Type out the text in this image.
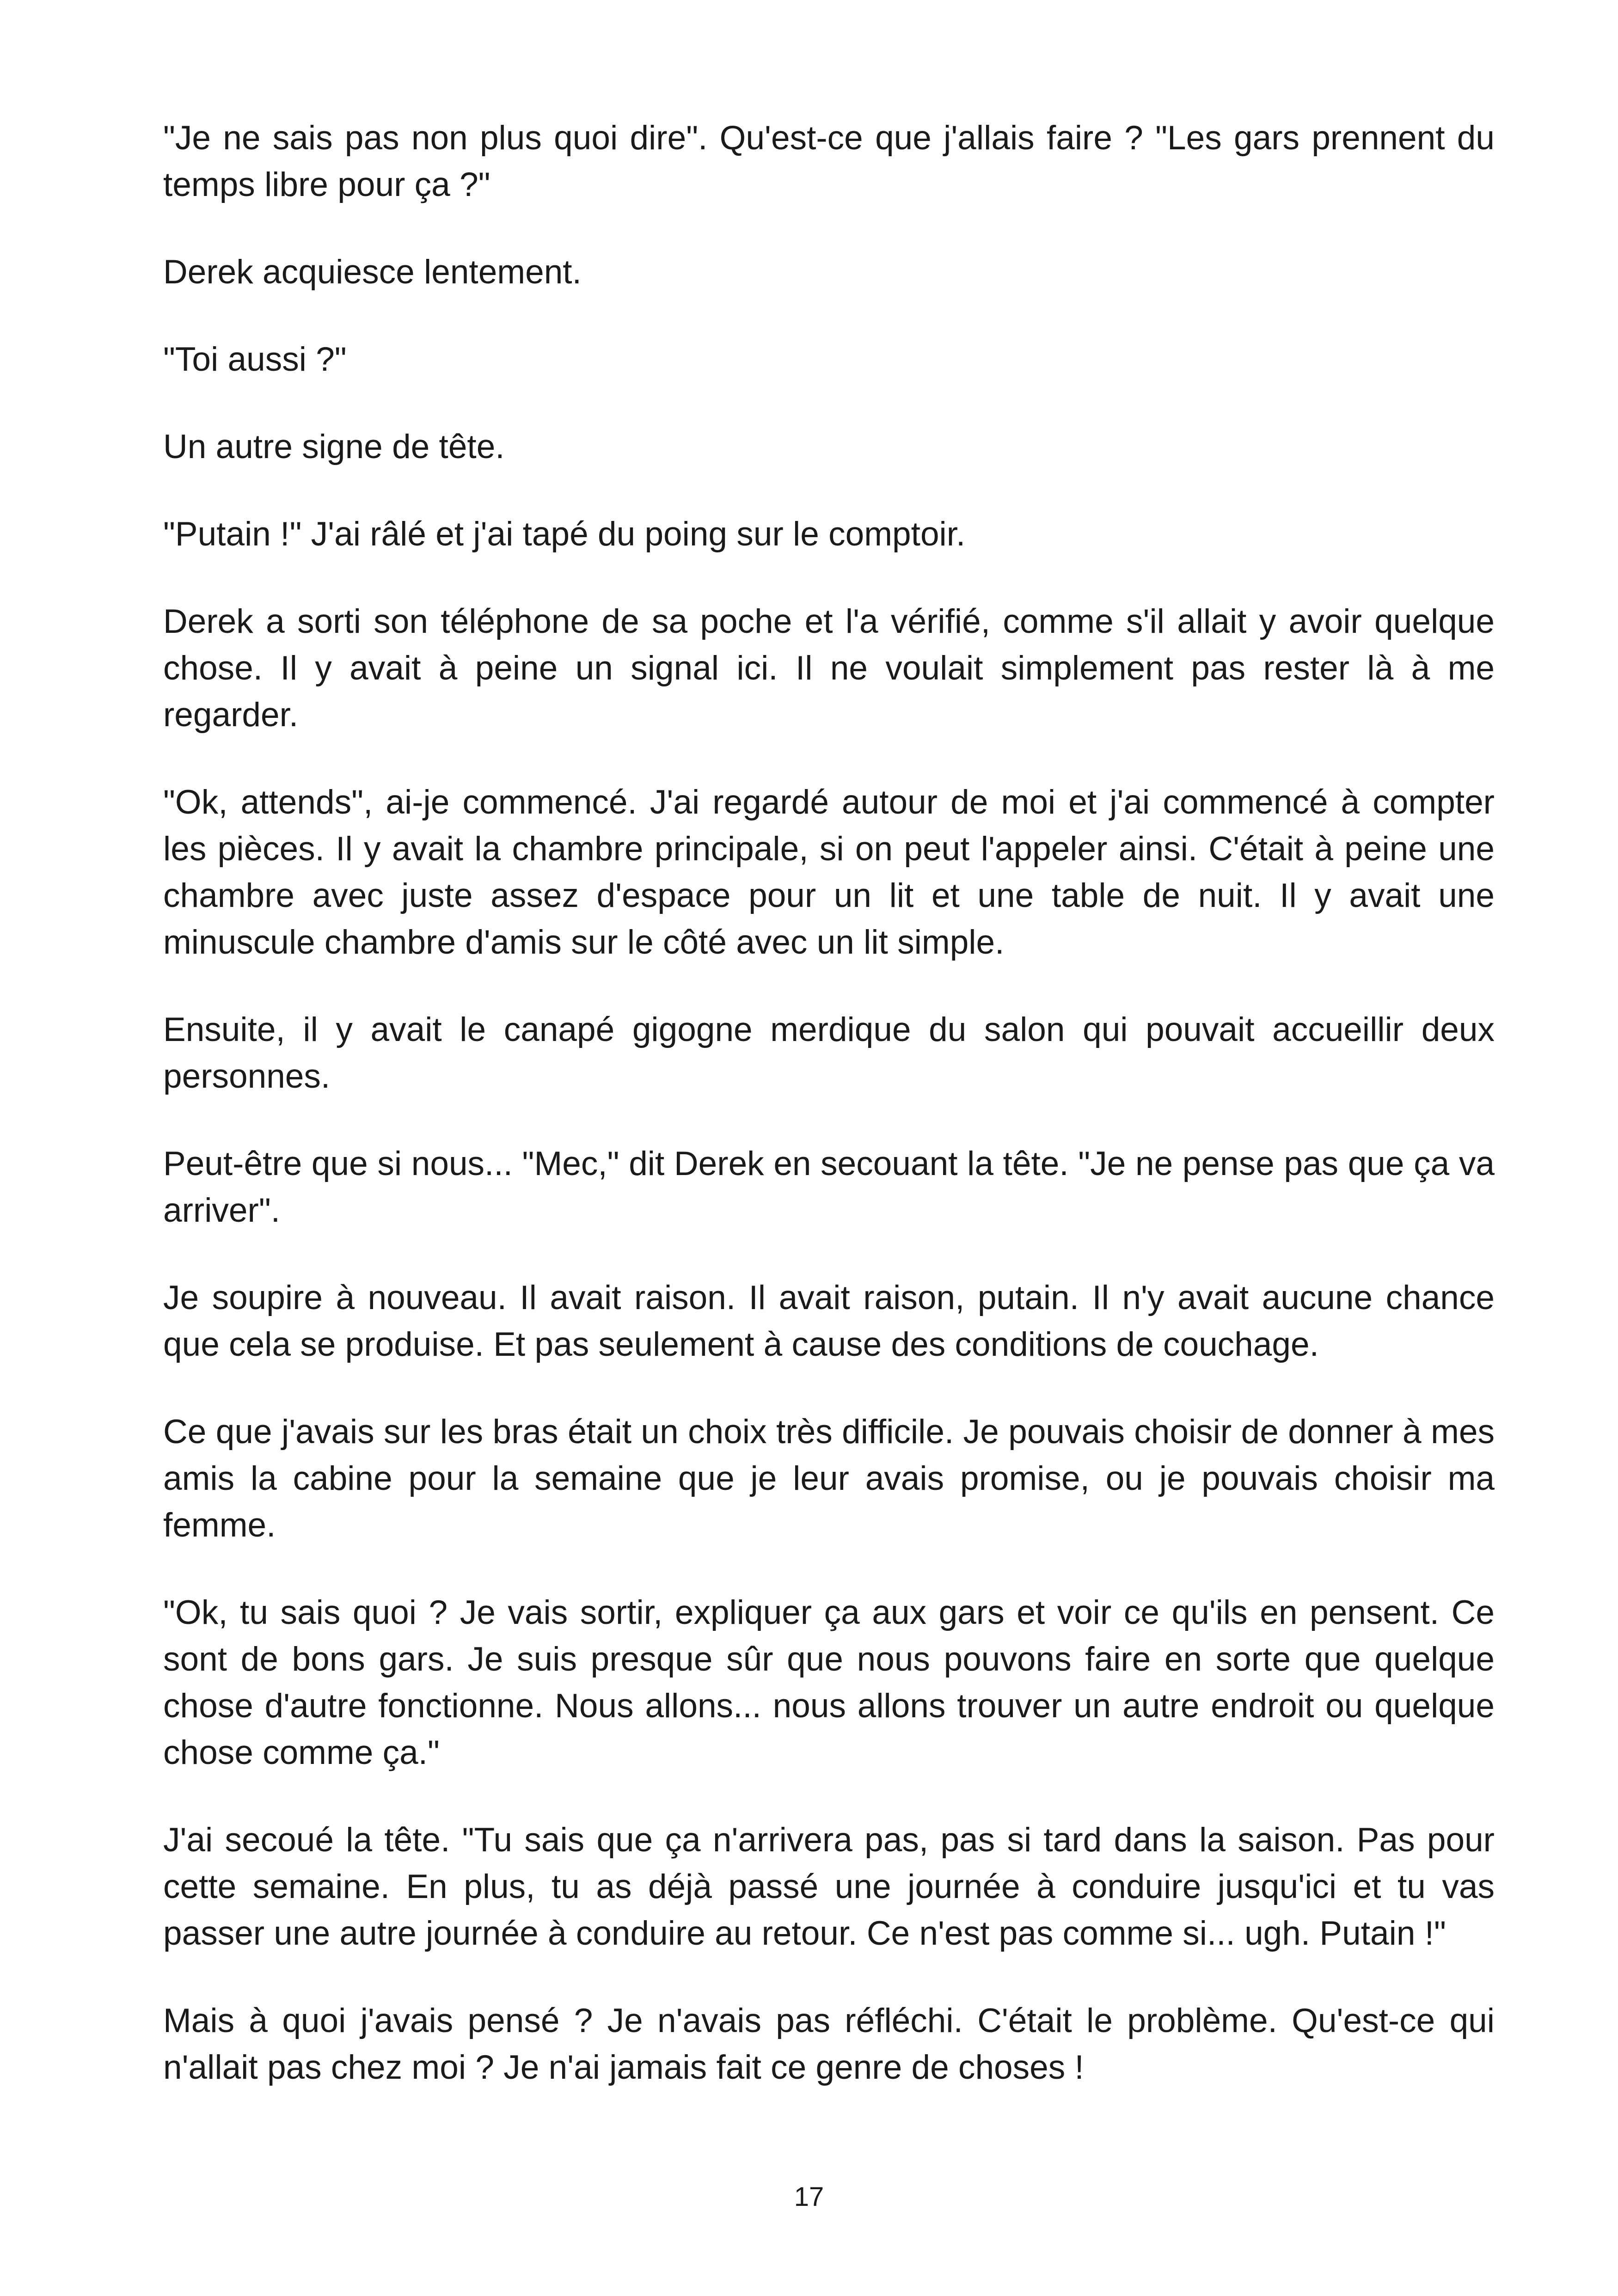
"Je ne sais pas non plus quoi dire". Qu'est-ce que j'allais faire ? "Les gars prennent du temps libre pour ça ?"

Derek acquiesce lentement.

"Toi aussi ?"

Un autre signe de tête.

"Putain !" J'ai râlé et j'ai tapé du poing sur le comptoir.

Derek a sorti son téléphone de sa poche et l'a vérifié, comme s'il allait y avoir quelque chose. Il y avait à peine un signal ici. Il ne voulait simplement pas rester là à me regarder.

"Ok, attends", ai-je commencé. J'ai regardé autour de moi et j'ai commencé à compter les pièces. Il y avait la chambre principale, si on peut l'appeler ainsi. C'était à peine une chambre avec juste assez d'espace pour un lit et une table de nuit. Il y avait une minuscule chambre d'amis sur le côté avec un lit simple.

Ensuite, il y avait le canapé gigogne merdique du salon qui pouvait accueillir deux personnes.

Peut-être que si nous... "Mec," dit Derek en secouant la tête. "Je ne pense pas que ça va arriver".

Je soupire à nouveau. Il avait raison. Il avait raison, putain. Il n'y avait aucune chance que cela se produise. Et pas seulement à cause des conditions de couchage.

Ce que j'avais sur les bras était un choix très difficile. Je pouvais choisir de donner à mes amis la cabine pour la semaine que je leur avais promise, ou je pouvais choisir ma femme.

"Ok, tu sais quoi ? Je vais sortir, expliquer ça aux gars et voir ce qu'ils en pensent. Ce sont de bons gars. Je suis presque sûr que nous pouvons faire en sorte que quelque chose d'autre fonctionne. Nous allons... nous allons trouver un autre endroit ou quelque chose comme ça."

J'ai secoué la tête. "Tu sais que ça n'arrivera pas, pas si tard dans la saison. Pas pour cette semaine. En plus, tu as déjà passé une journée à conduire jusqu'ici et tu vas passer une autre journée à conduire au retour. Ce n'est pas comme si... ugh. Putain !"

Mais à quoi j'avais pensé ? Je n'avais pas réfléchi. C'était le problème. Qu'est-ce qui n'allait pas chez moi ? Je n'ai jamais fait ce genre de choses !

17
